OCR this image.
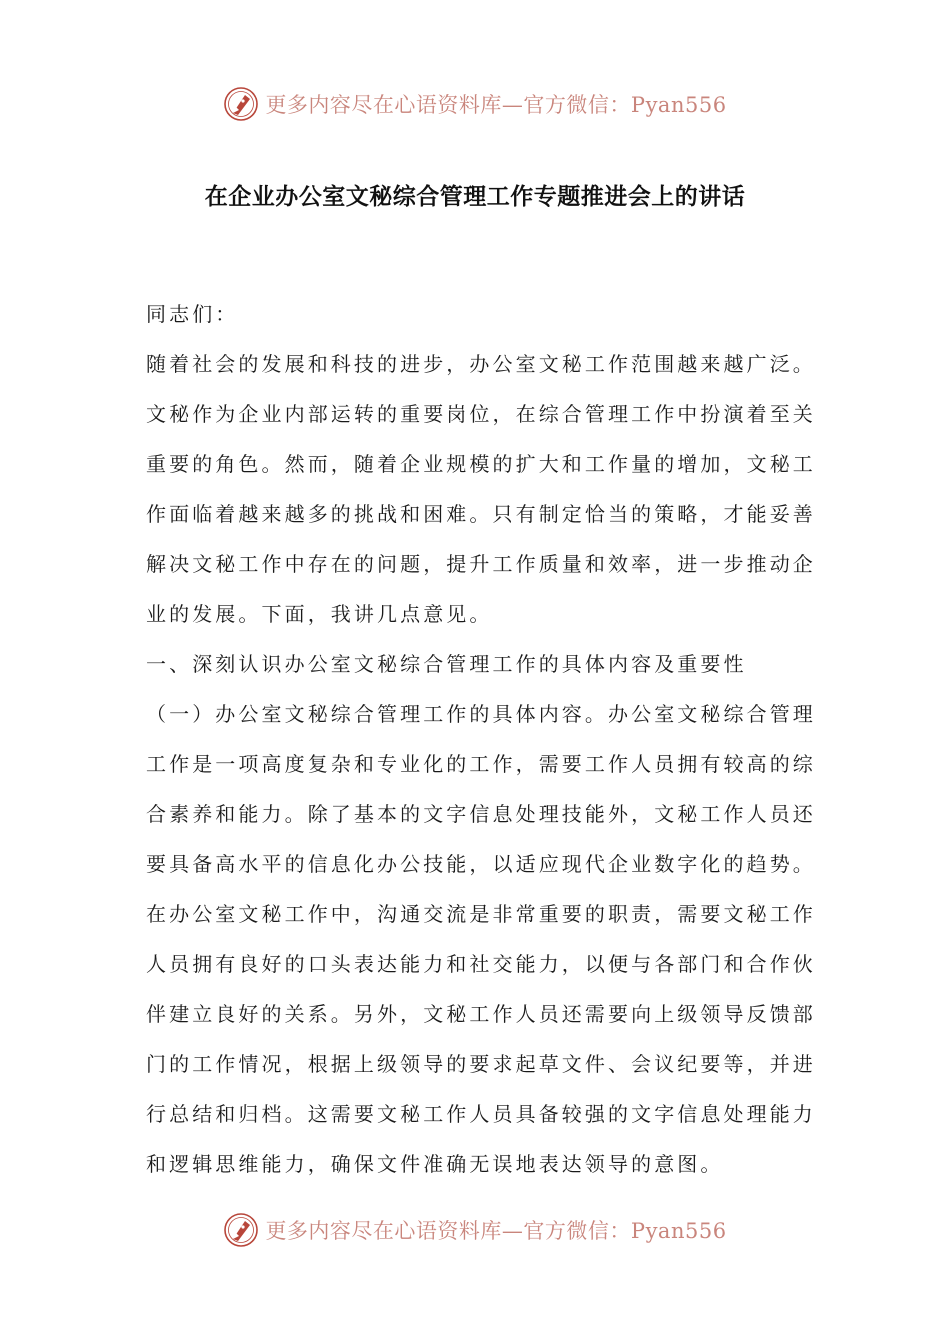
更多内容尽在心语资料库—官方微信：Pyan556
在企业办公室文秘综合管理工作专题推进会上的讲话
同志们：
随着社会的发展和科技的进步，办公室文秘工作范围越来越广泛。
文秘作为企业内部运转的重要岗位，在综合管理工作中扮演着至关
重要的角色。然而，随着企业规模的扩大和工作量的增加，文秘工
作面临着越来越多的挑战和困难。只有制定恰当的策略，才能妥善
解决文秘工作中存在的问题，提升工作质量和效率，进一步推动企
业的发展。下面，我讲几点意见。
一、深刻认识办公室文秘综合管理工作的具体内容及重要性
（一）办公室文秘综合管理工作的具体内容。办公室文秘综合管理
工作是一项高度复杂和专业化的工作，需要工作人员拥有较高的综
合素养和能力。除了基本的文字信息处理技能外，文秘工作人员还
要具备高水平的信息化办公技能，以适应现代企业数字化的趋势。
在办公室文秘工作中，沟通交流是非常重要的职责，需要文秘工作
人员拥有良好的口头表达能力和社交能力，以便与各部门和合作伙
伴建立良好的关系。另外，文秘工作人员还需要向上级领导反馈部
门的工作情况，根据上级领导的要求起草文件、会议纪要等，并进
行总结和归档。这需要文秘工作人员具备较强的文字信息处理能力
和逻辑思维能力，确保文件准确无误地表达领导的意图。
更多内容尽在心语资料库—官方微信：Pyan556
